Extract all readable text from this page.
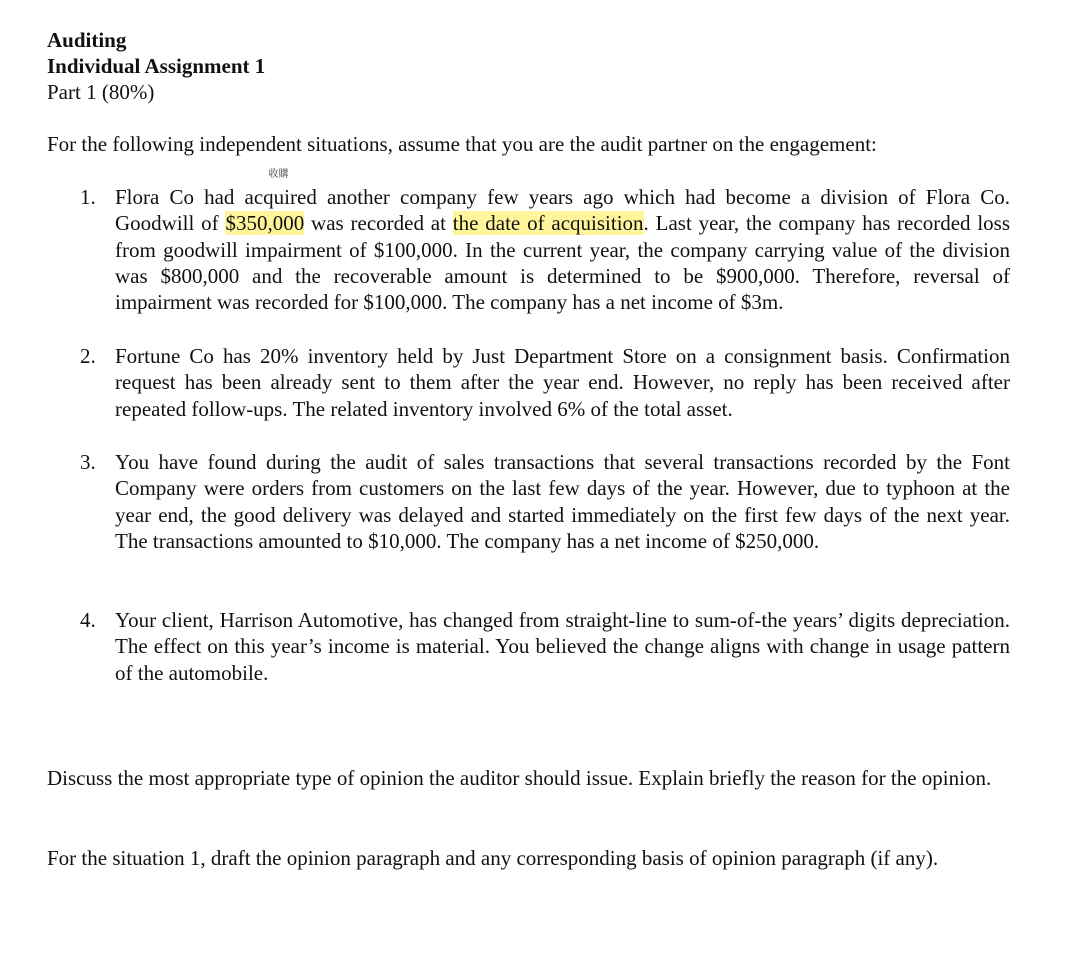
Auditing
Individual Assignment 1
Part 1 (80%)
For the following independent situations, assume that you are the audit partner on the engagement:
1. Flora Co had
收購
acquired another company few years ago which had become a division of Flora Co. Goodwill of $350,000 was recorded at the date of acquisition. Last year, the company has recorded loss from goodwill impairment of $100,000. In the current year, the company carrying value of the division was $800,000 and the recoverable amount is determined to be $900,000. Therefore, reversal of impairment was recorded for $100,000. The company has a net income of $3m.
2. Fortune Co has 20% inventory held by Just Department Store on a consignment basis. Confirmation request has been already sent to them after the year end. However, no reply has been received after repeated follow-ups. The related inventory involved 6% of the total asset.
3. You have found during the audit of sales transactions that several transactions recorded by the Font Company were orders from customers on the last few days of the year. However, due to typhoon at the year end, the good delivery was delayed and started immediately on the first few days of the next year. The transactions amounted to $10,000. The company has a net income of $250,000.
4. Your client, Harrison Automotive, has changed from straight-line to sum-of-the years’ digits depreciation. The effect on this year’s income is material. You believed the change aligns with change in usage pattern of the automobile.
Discuss the most appropriate type of opinion the auditor should issue. Explain briefly the reason for the opinion.
For the situation 1, draft the opinion paragraph and any corresponding basis of opinion paragraph (if any).
